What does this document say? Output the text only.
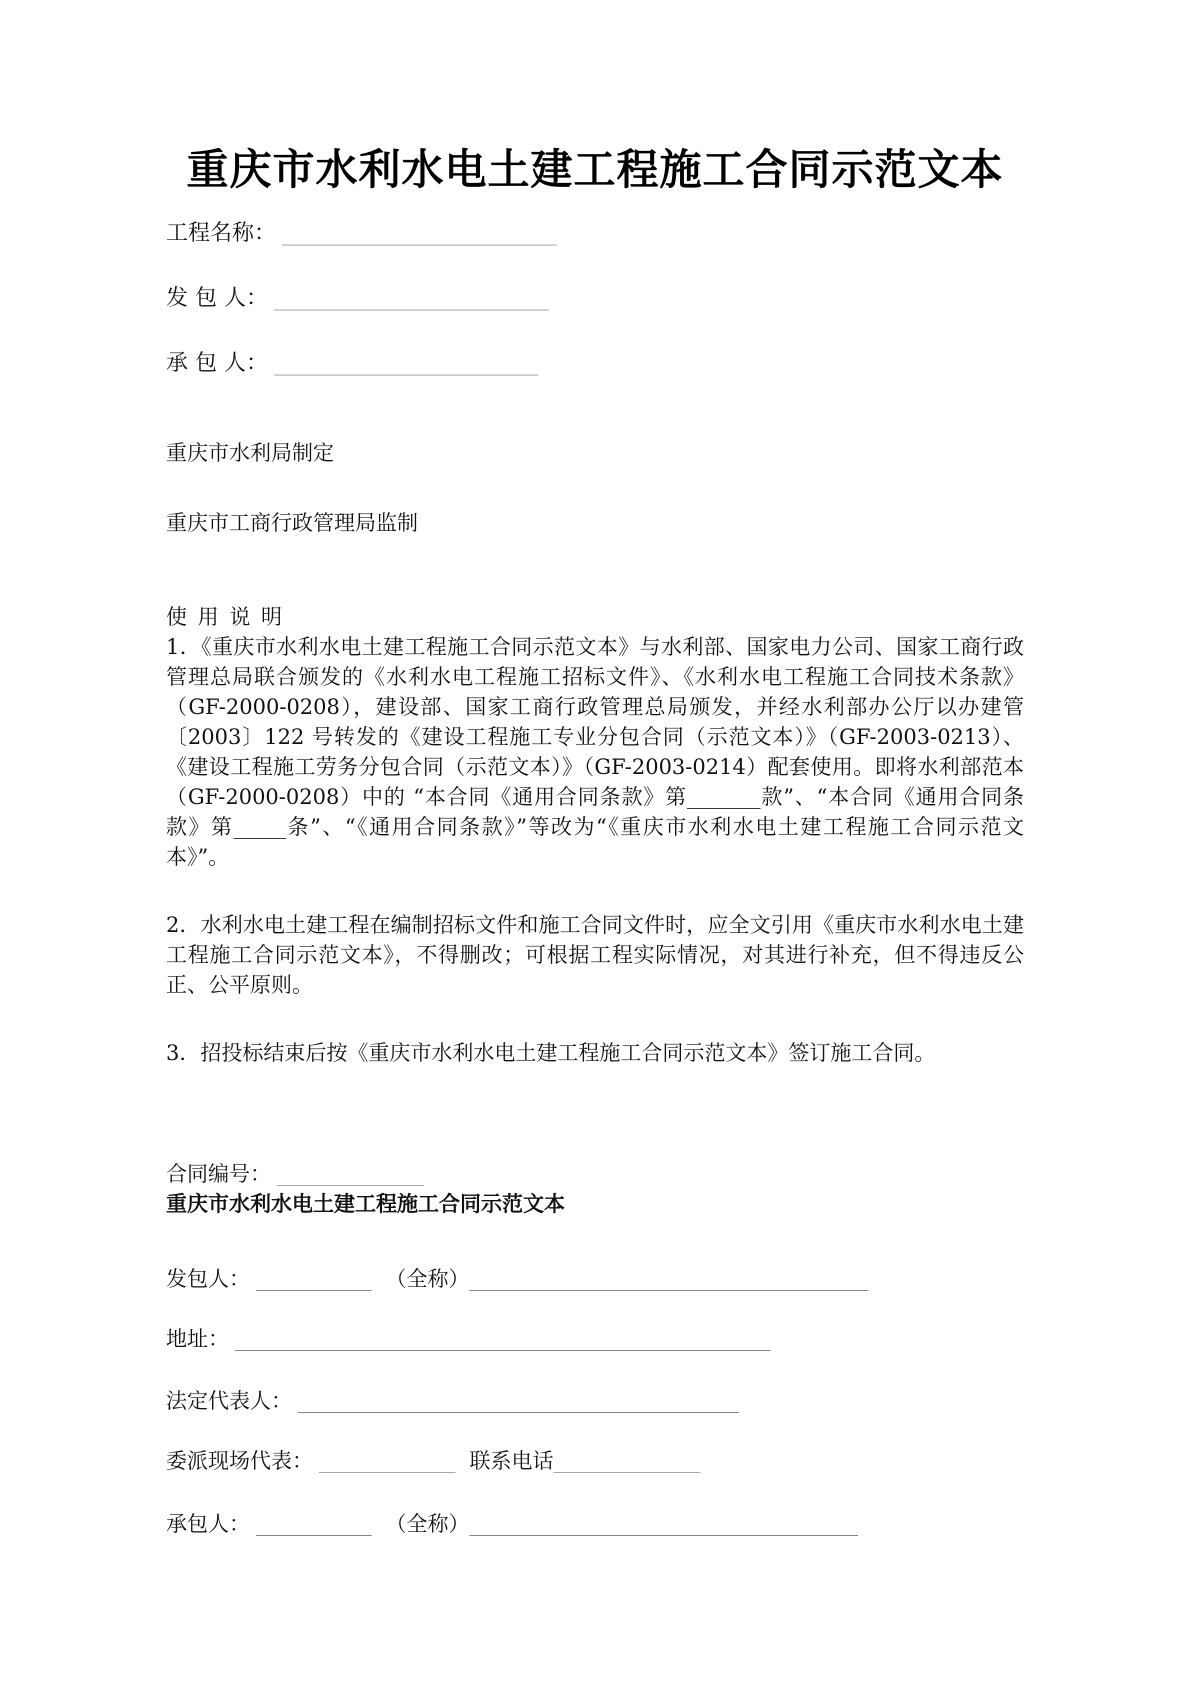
重庆市水利水电土建工程施工合同示范文本
工程名称： _________________________
发 包 人： _________________________
承 包 人： ________________________
重庆市水利局制定
重庆市工商行政管理局监制
使 用 说 明

1．《重庆市水利水电土建工程施工合同示范文本》与水利部、国家电力公司、国家工商行政管理总局联合颁发的《水利水电工程施工招标文件》、《水利水电工程施工合同技术条款》（GF-2000-0208），建设部、国家工商行政管理总局颁发，并经水利部办公厅以办建管〔2003〕122 号转发的《建设工程施工专业分包合同（示范文本）》（GF-2003-0213）、《建设工程施工劳务分包合同（示范文本）》（GF-2003-0214）配套使用。即将水利部范本（GF-2000-0208）中的 “本合同《通用合同条款》第_______款”、“本合同《通用合同条款》第_____条”、“《通用合同条款》”等改为“《重庆市水利水电土建工程施工合同示范文本》”。

2．水利水电土建工程在编制招标文件和施工合同文件时，应全文引用《重庆市水利水电土建工程施工合同示范文本》，不得删改；可根据工程实际情况，对其进行补充，但不得违反公正、公平原则。

3．招投标结束后按《重庆市水利水电土建工程施工合同示范文本》签订施工合同。

合同编号： ______________
重庆市水利水电土建工程施工合同示范文本
发包人： ___________ （全称）______________________________________
地址： ___________________________________________________
法定代表人： __________________________________________
委派现场代表： _____________ 联系电话______________
承包人： ___________ （全称）_____________________________________
